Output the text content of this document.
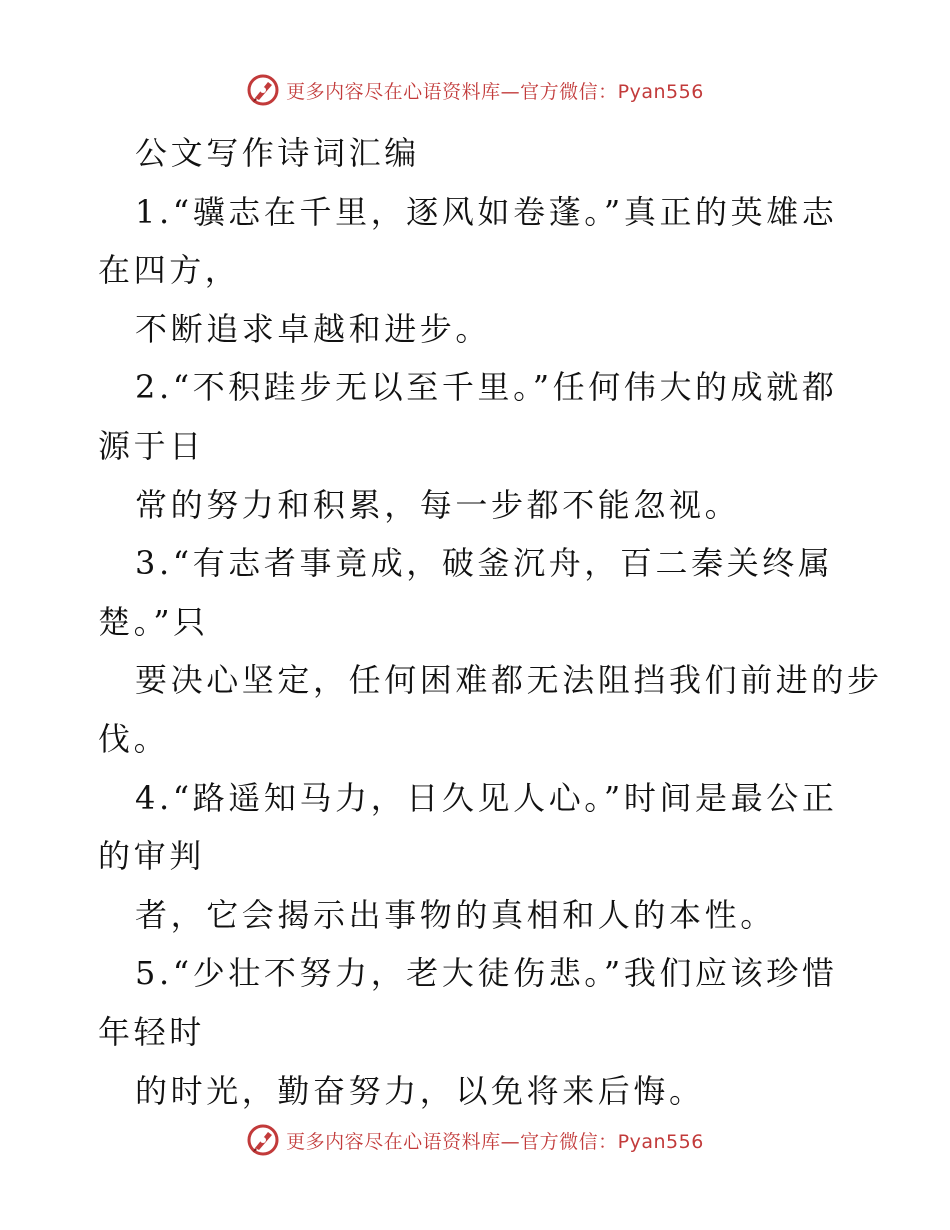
更多内容尽在心语资料库—官方微信：Pyan556
公文写作诗词汇编
1.“骥志在千里，逐风如卷蓬。”真正的英雄志
在四方，
不断追求卓越和进步。
2.“不积跬步无以至千里。”任何伟大的成就都
源于日
常的努力和积累，每一步都不能忽视。
3.“有志者事竟成，破釜沉舟，百二秦关终属
楚。”只
要决心坚定，任何困难都无法阻挡我们前进的步
伐。
4.“路遥知马力，日久见人心。”时间是最公正
的审判
者，它会揭示出事物的真相和人的本性。
5.“少壮不努力，老大徒伤悲。”我们应该珍惜
年轻时
的时光，勤奋努力，以免将来后悔。
更多内容尽在心语资料库—官方微信：Pyan556
